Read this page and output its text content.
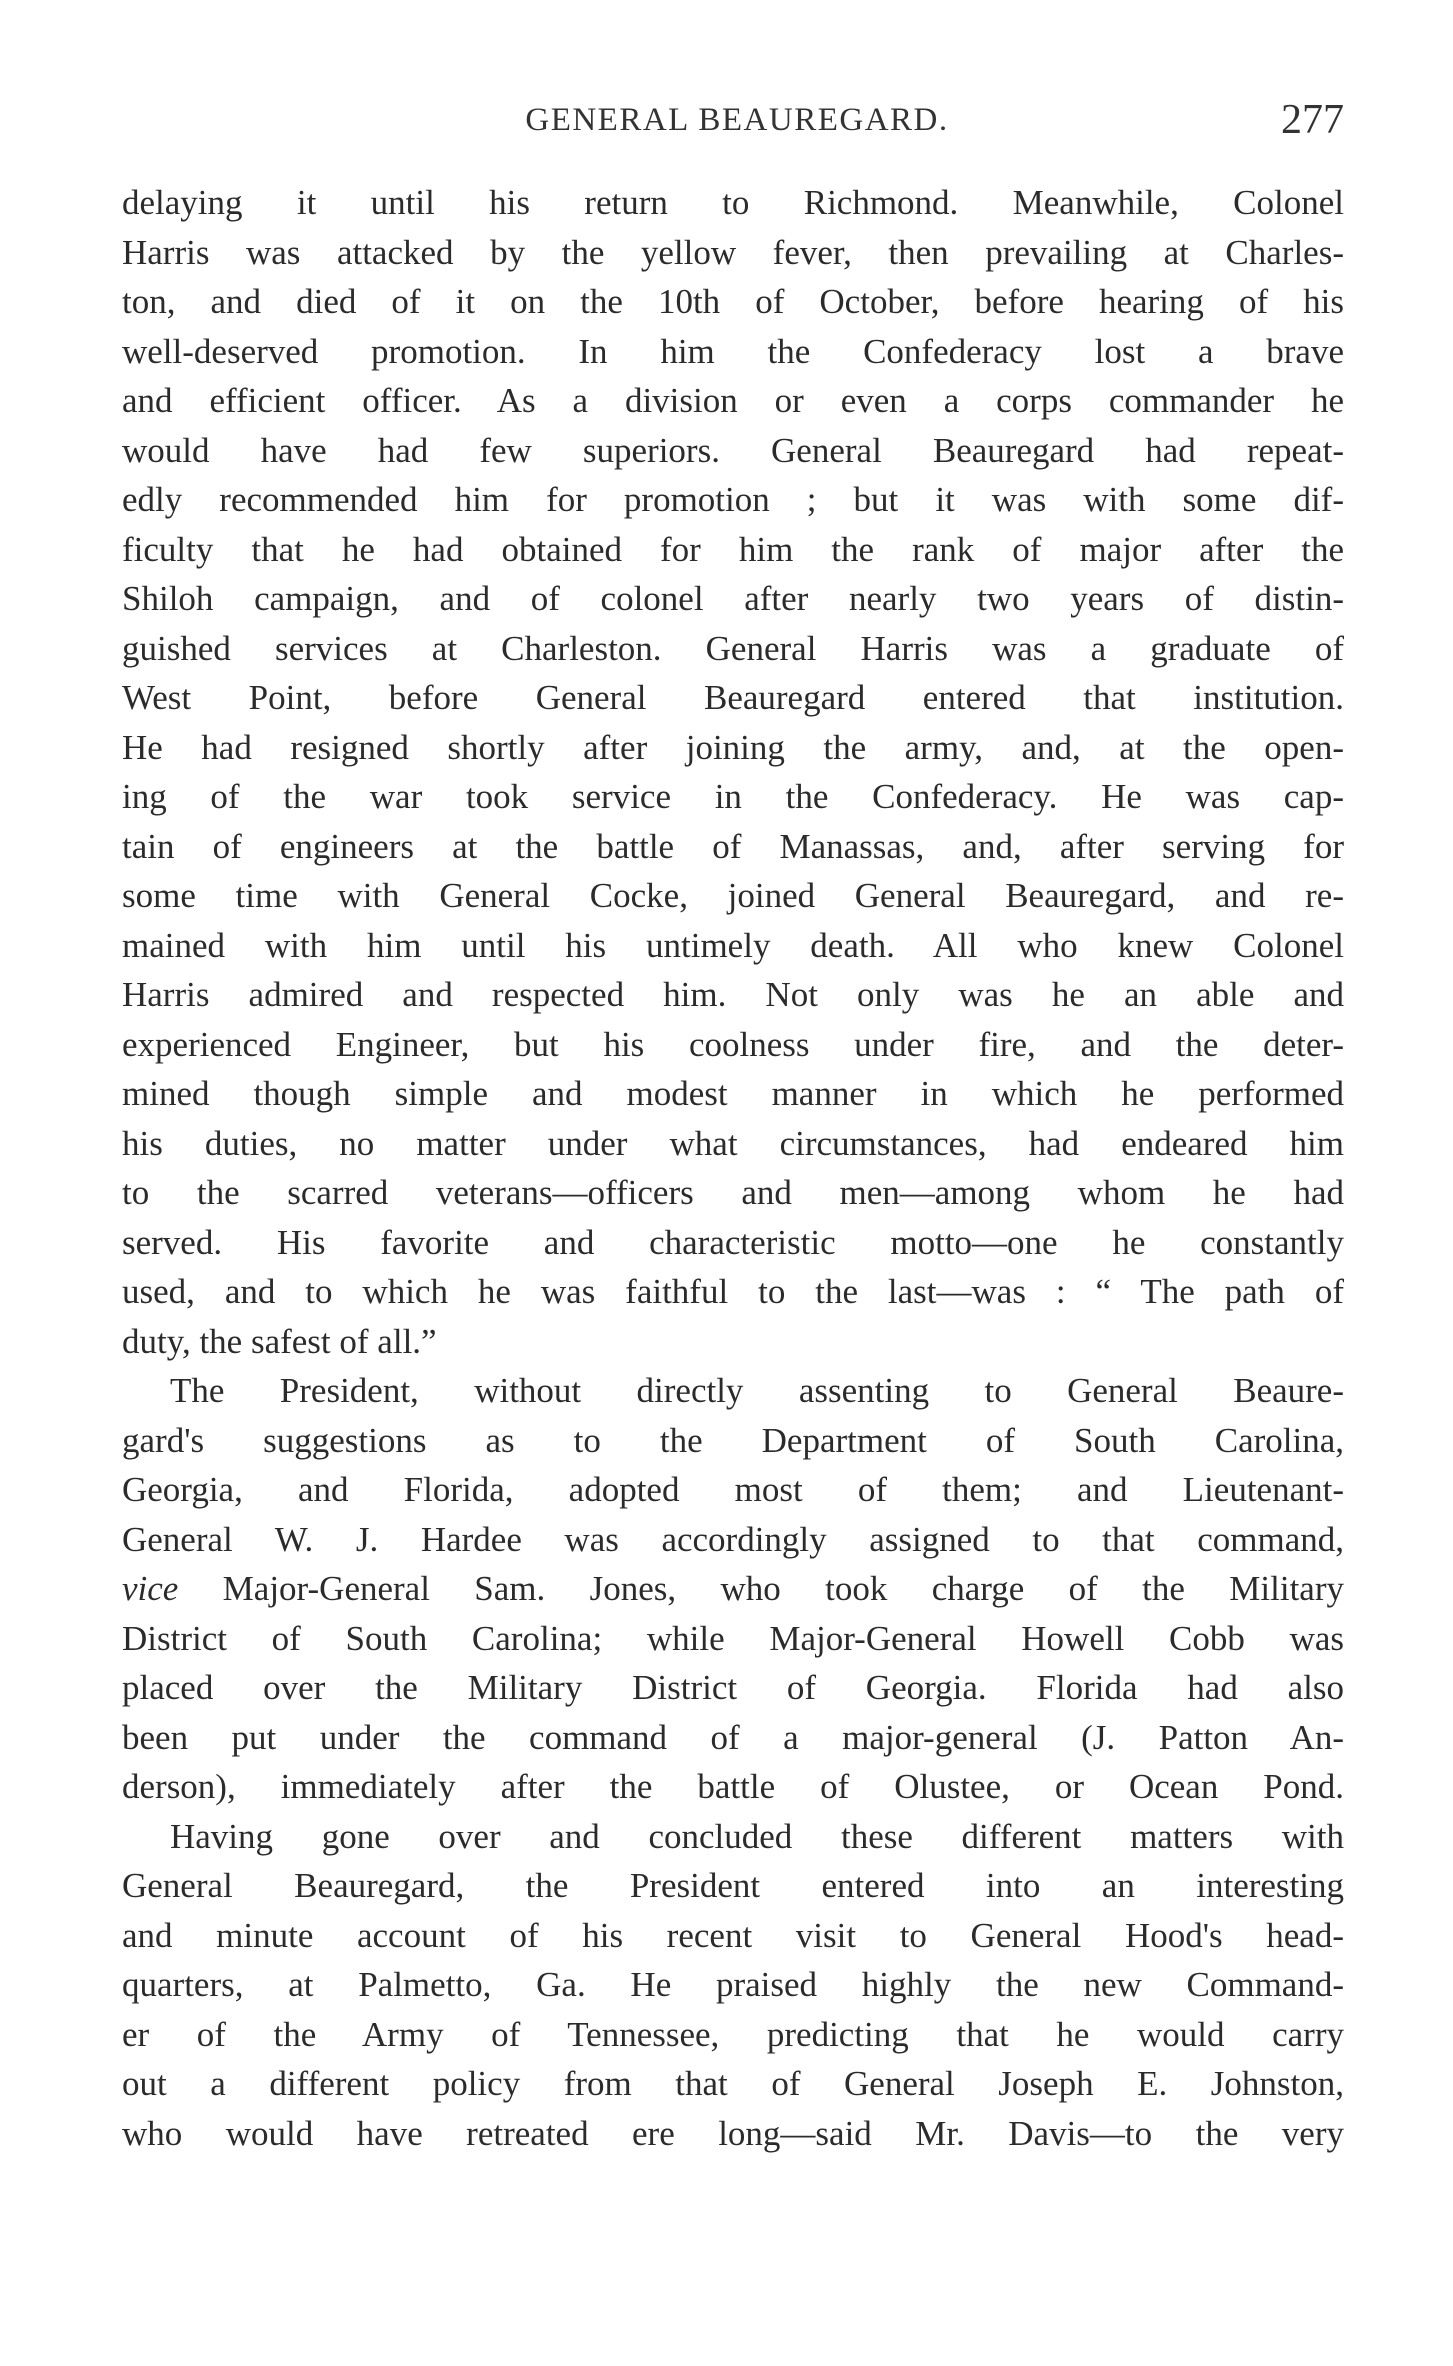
GENERAL BEAUREGARD.	277
delaying it until his return to Richmond. Meanwhile, Colonel
Harris was attacked by the yellow fever, then prevailing at Charles-
ton, and died of it on the 10th of October, before hearing of his
well-deserved promotion. In him the Confederacy lost a brave
and efficient officer. As a division or even a corps commander he
would have had few superiors. General Beauregard had repeat-
edly recommended him for promotion ; but it was with some dif-
ficulty that he had obtained for him the rank of major after the
Shiloh campaign, and of colonel after nearly two years of distin-
guished services at Charleston. General Harris was a graduate of
West Point, before General Beauregard entered that institution.
He had resigned shortly after joining the army, and, at the open-
ing of the war took service in the Confederacy. He was cap-
tain of engineers at the battle of Manassas, and, after serving for
some time with General Cocke, joined General Beauregard, and re-
mained with him until his untimely death. All who knew Colonel
Harris admired and respected him. Not only was he an able and
experienced Engineer, but his coolness under fire, and the deter-
mined though simple and modest manner in which he performed
his duties, no matter under what circumstances, had endeared him
to the scarred veterans—officers and men—among whom he had
served. His favorite and characteristic motto—one he constantly
used, and to which he was faithful to the last—was : “ The path of
duty, the safest of all.”
The President, without directly assenting to General Beaure-
gard's suggestions as to the Department of South Carolina,
Georgia, and Florida, adopted most of them; and Lieutenant-
General W. J. Hardee was accordingly assigned to that command,
vice Major-General Sam. Jones, who took charge of the Military
District of South Carolina; while Major-General Howell Cobb was
placed over the Military District of Georgia. Florida had also
been put under the command of a major-general (J. Patton An-
derson), immediately after the battle of Olustee, or Ocean Pond.
Having gone over and concluded these different matters with
General Beauregard, the President entered into an interesting
and minute account of his recent visit to General Hood's head-
quarters, at Palmetto, Ga. He praised highly the new Command-
er of the Army of Tennessee, predicting that he would carry
out a different policy from that of General Joseph E. Johnston,
who would have retreated ere long—said Mr. Davis—to the very
